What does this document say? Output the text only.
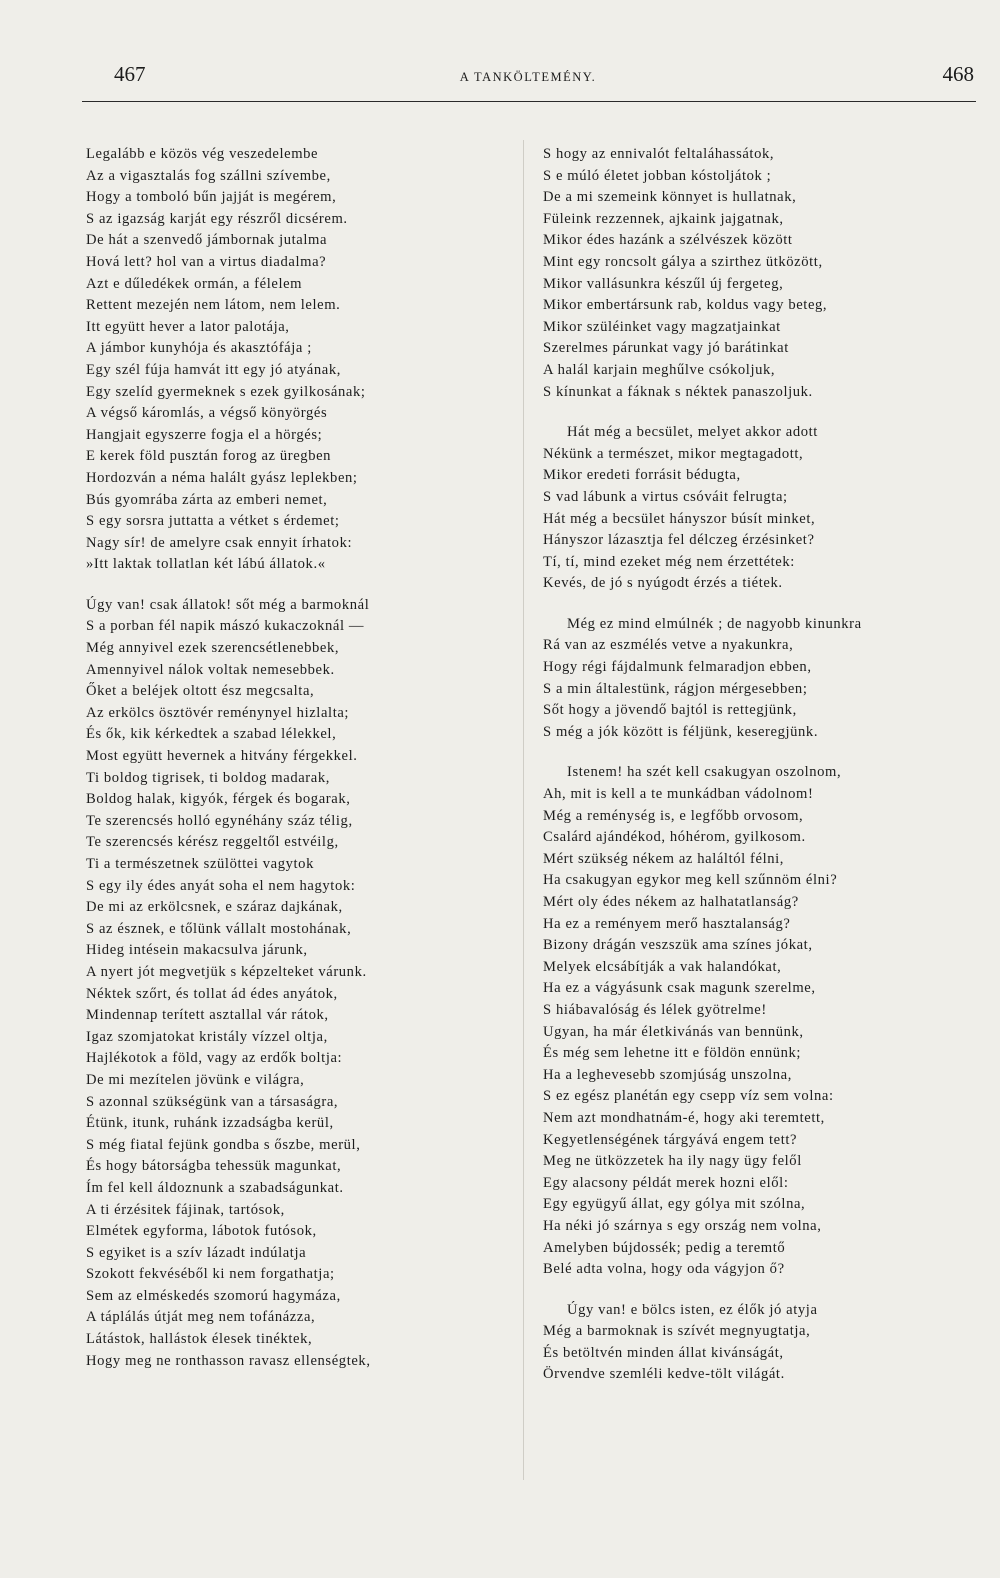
467	A TANKÖLTEMÉNY.	468
Legalább e közös vég veszedelembe
Az a vigasztalás fog szállni szívembe,
Hogy a tomboló bűn jajját is megérem,
S az igazság karját egy részről dicsérem.
De hát a szenvedő jámbornak jutalma
Hová lett? hol van a virtus diadalma?
Azt e dűledékek ormán, a félelem
Rettent mezején nem látom, nem lelem.
Itt együtt hever a lator palotája,
A jámbor kunyhója és akasztófája ;
Egy szél fúja hamvát itt egy jó atyának,
Egy szelíd gyermeknek s ezek gyilkosának;
A végső káromlás, a végső könyörgés
Hangjait egyszerre fogja el a hörgés;
E kerek föld pusztán forog az üregben
Hordozván a néma halált gyász leplekben;
Bús gyomrába zárta az emberi nemet,
S egy sorsra juttatta a vétket s érdemet;
Nagy sír! de amelyre csak ennyit írhatok:
»Itt laktak tollatlan két lábú állatok.«
Úgy van! csak állatok! sőt még a barmoknál
S a porban fél napik mászó kukaczoknál —
Még annyivel ezek szerencsétlenebbek,
Amennyivel nálok voltak nemesebbek.
Őket a beléjek oltott ész megcsalta,
Az erkölcs ösztövér reménynyel hizlalta;
És ők, kik kérkedtek a szabad lélekkel,
Most együtt hevernek a hitvány férgekkel.
Ti boldog tigrisek, ti boldog madarak,
Boldog halak, kigyók, férgek és bogarak,
Te szerencsés holló egynéhány száz télig,
Te szerencsés kérész reggeltől estvéilg,
Ti a természetnek szülöttei vagytok
S egy ily édes anyát soha el nem hagytok:
De mi az erkölcsnek, e száraz dajkának,
S az észnek, e tőlünk vállalt mostohának,
Hideg intésein makacsulva járunk,
A nyert jót megvetjük s képzelteket várunk.
Néktek szőrt, és tollat ád édes anyátok,
Mindennap terített asztallal vár rátok,
Igaz szomjatokat kristály vízzel oltja,
Hajlékotok a föld, vagy az erdők boltja:
De mi mezítelen jövünk e világra,
S azonnal szükségünk van a társaságra,
Étünk, itunk, ruhánk izzadságba kerül,
S még fiatal fejünk gondba s őszbe, merül,
És hogy bátorságba tehessük magunkat,
Ím fel kell áldoznunk a szabadságunkat.
A ti érzésitek fájinak, tartósok,
Elmétek egyforma, lábotok futósok,
S egyiket is a szív lázadt indúlatja
Szokott fekvéséből ki nem forgathatja;
Sem az elméskedés szomorú hagymáza,
A táplálás útját meg nem tofánázza,
Látástok, hallástok élesek tinéktek,
Hogy meg ne ronthasson ravasz ellenségtek,
S hogy az ennivalót feltaláhassátok,
S e múló életet jobban kóstoljátok ;
De a mi szemeink könnyet is hullatnak,
Füleink rezzennek, ajkaink jajgatnak,
Mikor édes hazánk a szélvészek között
Mint egy roncsolt gálya a szirthez ütközött,
Mikor vallásunkra készűl új fergeteg,
Mikor embertársunk rab, koldus vagy beteg,
Mikor szüléinket vagy magzatjainkat
Szerelmes párunkat vagy jó barátinkat
A halál karjain meghűlve csókoljuk,
S kínunkat a fáknak s néktek panaszoljuk.
Hát még a becsület, melyet akkor adott
Nékünk a természet, mikor megtagadott,
Mikor eredeti forrásit bédugta,
S vad lábunk a virtus csóváit felrugta;
Hát még a becsület hányszor búsít minket,
Hányszor lázasztja fel délczeg érzésinket?
Tí, tí, mind ezeket még nem érzettétek:
Kevés, de jó s nyúgodt érzés a tiétek.
Még ez mind elmúlnék ; de nagyobb kinunkra
Rá van az eszmélés vetve a nyakunkra,
Hogy régi fájdalmunk felmaradjon ebben,
S a min általestünk, rágjon mérgesebben;
Sőt hogy a jövendő bajtól is rettegjünk,
S még a jók között is féljünk, keseregjünk.
Istenem! ha szét kell csakugyan oszolnom,
Ah, mit is kell a te munkádban vádolnom!
Még a reménység is, e legfőbb orvosom,
Csalárd ajándékod, hóhérom, gyilkosom.
Mért szükség nékem az haláltól félni,
Ha csakugyan egykor meg kell szűnnöm élni?
Mért oly édes nékem az halhatatlanság?
Ha ez a reményem merő hasztalanság?
Bizony drágán veszszük ama színes jókat,
Melyek elcsábítják a vak halandókat,
Ha ez a vágyásunk csak magunk szerelme,
S hiábavalóság és lélek gyötrelme!
Ugyan, ha már életkivánás van bennünk,
És még sem lehetne itt e földön ennünk;
Ha a leghevesebb szomjúság unszolna,
S ez egész planétán egy csepp víz sem volna:
Nem azt mondhatnám-é, hogy aki teremtett,
Kegyetlenségének tárgyává engem tett?
Meg ne ütközzetek ha ily nagy ügy felől
Egy alacsony példát merek hozni elől:
Egy együgyű állat, egy gólya mit szólna,
Ha néki jó szárnya s egy ország nem volna,
Amelyben bújdossék; pedig a teremtő
Belé adta volna, hogy oda vágyjon ő?
Úgy van! e bölcs isten, ez élők jó atyja
Még a barmoknak is szívét megnyugtatja,
És betöltvén minden állat kivánságát,
Örvendve szemléli kedve-tölt világát.
